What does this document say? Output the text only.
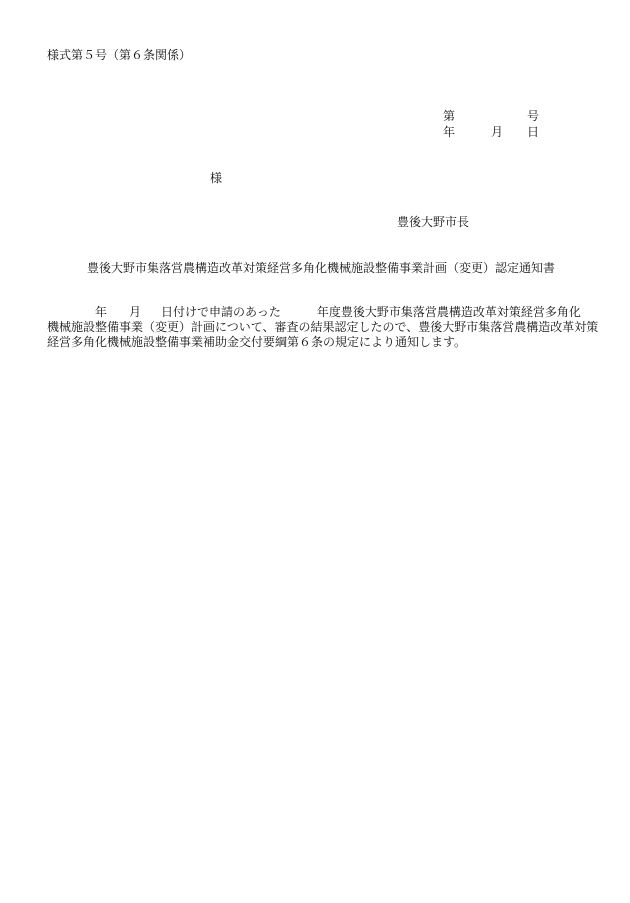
様式第５号（第６条関係）
第	号
年	月 日
様
豊後大野市長
豊後大野市集落営農構造改革対策経営多角化機械施設整備事業計画（変更）認定通知書
年 月 日付けで申請のあった	年度豊後大野市集落営農構造改革対策経営多角化
機械施設整備事業（変更）計画について、審査の結果認定したので、豊後大野市集落営農構造改革対策
経営多角化機械施設整備事業補助金交付要綱第６条の規定により通知します。
